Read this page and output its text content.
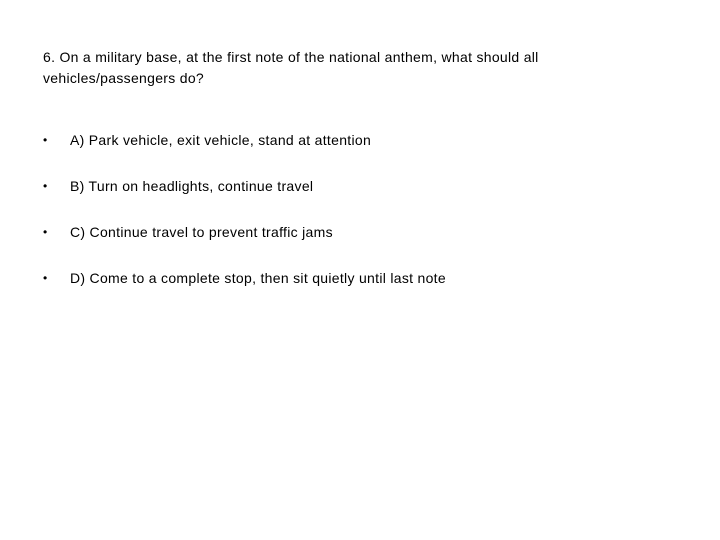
6. On a military base, at the first note of the national anthem, what should all vehicles/passengers do?
• A) Park vehicle, exit vehicle, stand at attention
• B) Turn on headlights, continue travel
• C) Continue travel to prevent traffic jams
• D) Come to a complete stop, then sit quietly until last note
